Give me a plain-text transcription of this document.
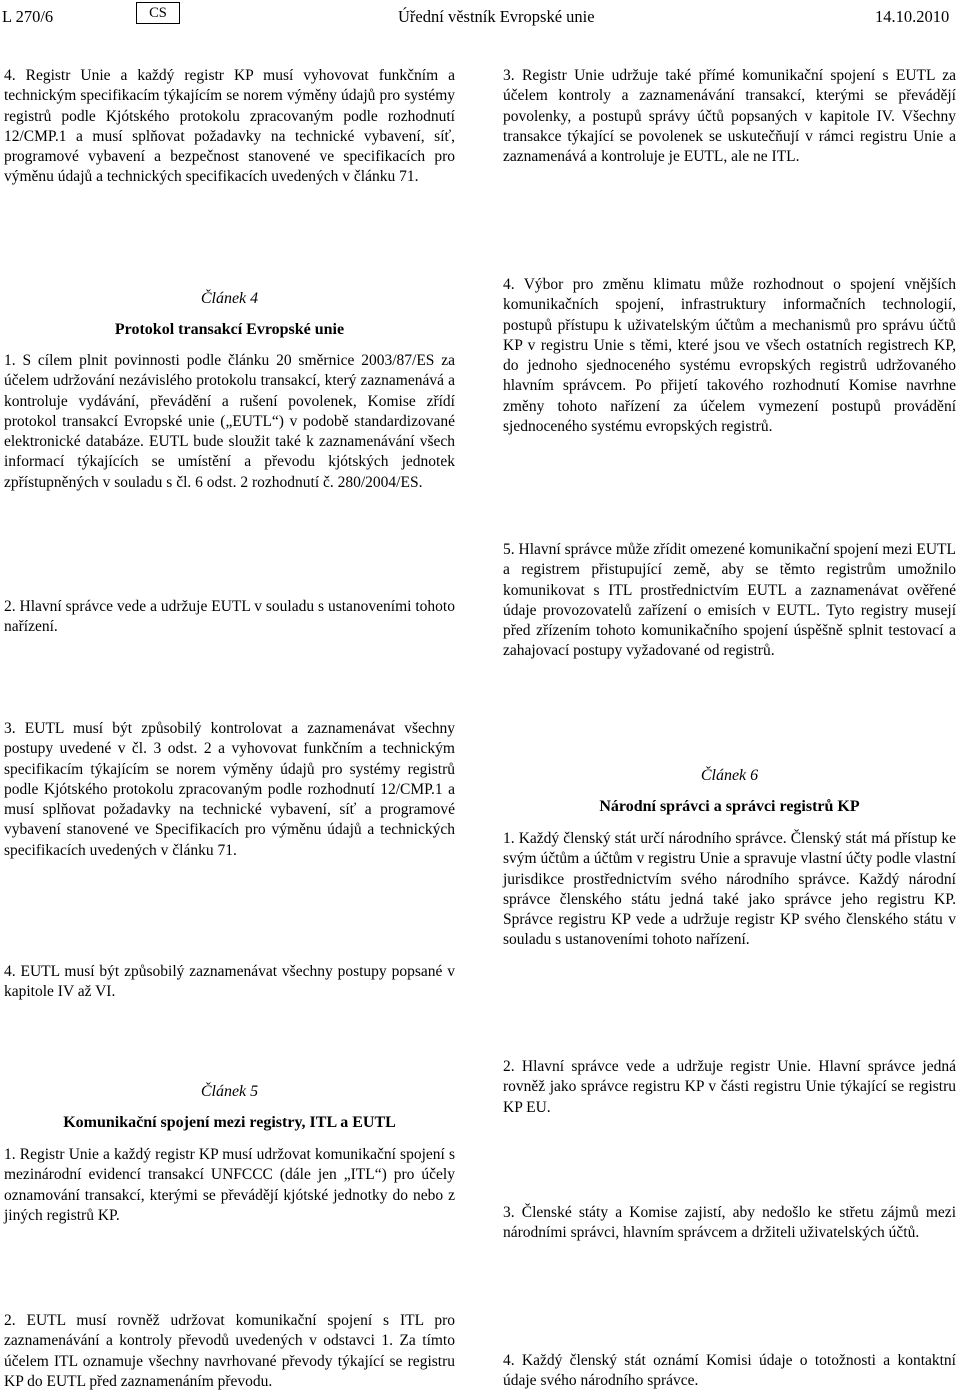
L 270/6	CS	Úřední věstník Evropské unie	14.10.2010

4. Registr Unie a každý registr KP musí vyhovovat funkčním a technickým specifikacím týkajícím se norem výměny údajů pro systémy registrů podle Kjótského protokolu zpracovaným podle rozhodnutí 12/CMP.1 a musí splňovat požadavky na technické vybavení, síť, programové vybavení a bezpečnost stanovené ve specifikacích pro výměnu údajů a technických specifikacích uvedených v článku 71.

Článek 4

Protokol transakcí Evropské unie

1. S cílem plnit povinnosti podle článku 20 směrnice 2003/87/ES za účelem udržování nezávislého protokolu transakcí, který zaznamenává a kontroluje vydávání, převádění a rušení povolenek, Komise zřídí protokol transakcí Evropské unie („EUTL“) v podobě standardizované elektronické databáze. EUTL bude sloužit také k zaznamenávání všech informací týkajících se umístění a převodu kjótských jednotek zpřístupněných v souladu s čl. 6 odst. 2 rozhodnutí č. 280/2004/ES.

2. Hlavní správce vede a udržuje EUTL v souladu s ustanoveními tohoto nařízení.

3. EUTL musí být způsobilý kontrolovat a zaznamenávat všechny postupy uvedené v čl. 3 odst. 2 a vyhovovat funkčním a technickým specifikacím týkajícím se norem výměny údajů pro systémy registrů podle Kjótského protokolu zpracovaným podle rozhodnutí 12/CMP.1 a musí splňovat požadavky na technické vybavení, síť a programové vybavení stanovené ve Specifikacích pro výměnu údajů a technických specifikacích uvedených v článku 71.

4. EUTL musí být způsobilý zaznamenávat všechny postupy popsané v kapitole IV až VI.

Článek 5

Komunikační spojení mezi registry, ITL a EUTL

1. Registr Unie a každý registr KP musí udržovat komunikační spojení s mezinárodní evidencí transakcí UNFCCC (dále jen „ITL“) pro účely oznamování transakcí, kterými se převádějí kjótské jednotky do nebo z jiných registrů KP.

2. EUTL musí rovněž udržovat komunikační spojení s ITL pro zaznamenávání a kontroly převodů uvedených v odstavci 1. Za tímto účelem ITL oznamuje všechny navrhované převody týkající se registru KP do EUTL před zaznamenáním převodu.

3. Registr Unie udržuje také přímé komunikační spojení s EUTL za účelem kontroly a zaznamenávání transakcí, kterými se převádějí povolenky, a postupů správy účtů popsaných v kapitole IV. Všechny transakce týkající se povolenek se uskutečňují v rámci registru Unie a zaznamenává a kontroluje je EUTL, ale ne ITL.

4. Výbor pro změnu klimatu může rozhodnout o spojení vnějších komunikačních spojení, infrastruktury informačních technologií, postupů přístupu k uživatelským účtům a mechanismů pro správu účtů KP v registru Unie s těmi, které jsou ve všech ostatních registrech KP, do jednoho sjednoceného systému evropských registrů udržovaného hlavním správcem. Po přijetí takového rozhodnutí Komise navrhne změny tohoto nařízení za účelem vymezení postupů provádění sjednoceného systému evropských registrů.

5. Hlavní správce může zřídit omezené komunikační spojení mezi EUTL a registrem přistupující země, aby se těmto registrům umožnilo komunikovat s ITL prostřednictvím EUTL a zaznamenávat ověřené údaje provozovatelů zařízení o emisích v EUTL. Tyto registry musejí před zřízením tohoto komunikačního spojení úspěšně splnit testovací a zahajovací postupy vyžadované od registrů.

Článek 6

Národní správci a správci registrů KP

1. Každý členský stát určí národního správce. Členský stát má přístup ke svým účtům a účtům v registru Unie a spravuje vlastní účty podle vlastní jurisdikce prostřednictvím svého národního správce. Každý národní správce členského státu jedná také jako správce jeho registru KP. Správce registru KP vede a udržuje registr KP svého členského státu v souladu s ustanoveními tohoto nařízení.

2. Hlavní správce vede a udržuje registr Unie. Hlavní správce jedná rovněž jako správce registru KP v části registru Unie týkající se registru KP EU.

3. Členské státy a Komise zajistí, aby nedošlo ke střetu zájmů mezi národními správci, hlavním správcem a držiteli uživatelských účtů.

4. Každý členský stát oznámí Komisi údaje o totožnosti a kontaktní údaje svého národního správce.
